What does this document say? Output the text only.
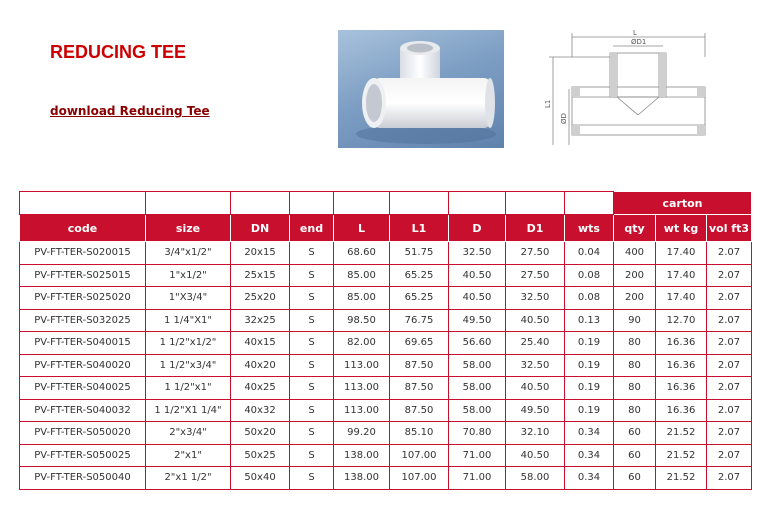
REDUCING TEE
download Reducing Tee
L
ØD1
L1
ØD
									carton		
code	size	DN	end	L	L1	D	D1	wts	qty	wt kg	vol ft3
PV-FT-TER-S020015	3/4"x1/2"	20x15	S	68.60	51.75	32.50	27.50	0.04	400	17.40	2.07
PV-FT-TER-S025015	1"x1/2"	25x15	S	85.00	65.25	40.50	27.50	0.08	200	17.40	2.07
PV-FT-TER-S025020	1"X3/4"	25x20	S	85.00	65.25	40.50	32.50	0.08	200	17.40	2.07
PV-FT-TER-S032025	1 1/4"X1"	32x25	S	98.50	76.75	49.50	40.50	0.13	90	12.70	2.07
PV-FT-TER-S040015	1 1/2"x1/2"	40x15	S	82.00	69.65	56.60	25.40	0.19	80	16.36	2.07
PV-FT-TER-S040020	1 1/2"x3/4"	40x20	S	113.00	87.50	58.00	32.50	0.19	80	16.36	2.07
PV-FT-TER-S040025	1 1/2"x1"	40x25	S	113.00	87.50	58.00	40.50	0.19	80	16.36	2.07
PV-FT-TER-S040032	1 1/2"X1 1/4"	40x32	S	113.00	87.50	58.00	49.50	0.19	80	16.36	2.07
PV-FT-TER-S050020	2"x3/4"	50x20	S	99.20	85.10	70.80	32.10	0.34	60	21.52	2.07
PV-FT-TER-S050025	2"x1"	50x25	S	138.00	107.00	71.00	40.50	0.34	60	21.52	2.07
PV-FT-TER-S050040	2"x1 1/2"	50x40	S	138.00	107.00	71.00	58.00	0.34	60	21.52	2.07
